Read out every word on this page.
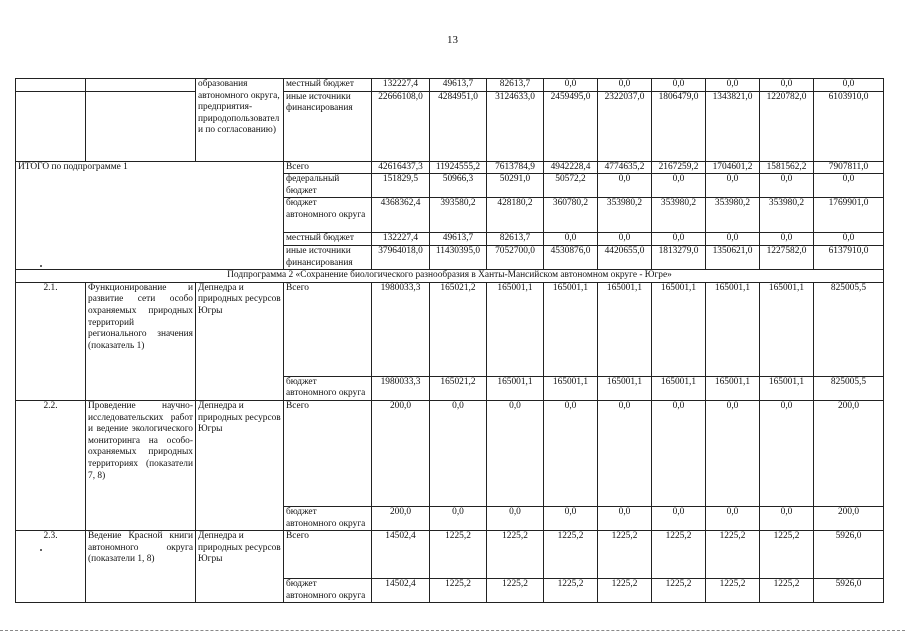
13
		образования автономного округа, предприятия-природопользователи по согласованию)	местный бюджет	132227,4	49613,7	82613,7	0,0	0,0	0,0	0,0	0,0	0,0
			иные источники финансирования	22666108,0	4284951,0	3124633,0	2459495,0	2322037,0	1806479,0	1343821,0	1220782,0	6103910,0
ИТОГО по подпрограмме 1			Всего	42616437,3	11924555,2	7613784,9	4942228,4	4774635,2	2167259,2	1704601,2	1581562,2	7907811,0
			федеральный бюджет	151829,5	50966,3	50291,0	50572,2	0,0	0,0	0,0	0,0	0,0
			бюджет автономного округа	4368362,4	393580,2	428180,2	360780,2	353980,2	353980,2	353980,2	353980,2	1769901,0
			местный бюджет	132227,4	49613,7	82613,7	0,0	0,0	0,0	0,0	0,0	0,0
			иные источники финансирования	37964018,0	11430395,0	7052700,0	4530876,0	4420655,0	1813279,0	1350621,0	1227582,0	6137910,0
Подпрограмма 2 «Сохранение биологического разнообразия в Ханты-Мансийском автономном округе - Югре»												
2.1.	Функционирование и развитие сети особо охраняемых природных территорий регионального значения (показатель 1)	Депнедра и природных ресурсов Югры	Всего	1980033,3	165021,2	165001,1	165001,1	165001,1	165001,1	165001,1	165001,1	825005,5
			бюджет автономного округа	1980033,3	165021,2	165001,1	165001,1	165001,1	165001,1	165001,1	165001,1	825005,5
2.2.	Проведение научно-исследовательских работ и ведение экологического мониторинга на особо-охраняемых природных территориях (показатели 7, 8)	Депнедра и природных ресурсов Югры	Всего	200,0	0,0	0,0	0,0	0,0	0,0	0,0	0,0	200,0
			бюджет автономного округа	200,0	0,0	0,0	0,0	0,0	0,0	0,0	0,0	200,0
2.3.	Ведение Красной книги автономного округа (показатели 1, 8)	Депнедра и природных ресурсов Югры	Всего	14502,4	1225,2	1225,2	1225,2	1225,2	1225,2	1225,2	1225,2	5926,0
			бюджет автономного округа	14502,4	1225,2	1225,2	1225,2	1225,2	1225,2	1225,2	1225,2	5926,0
